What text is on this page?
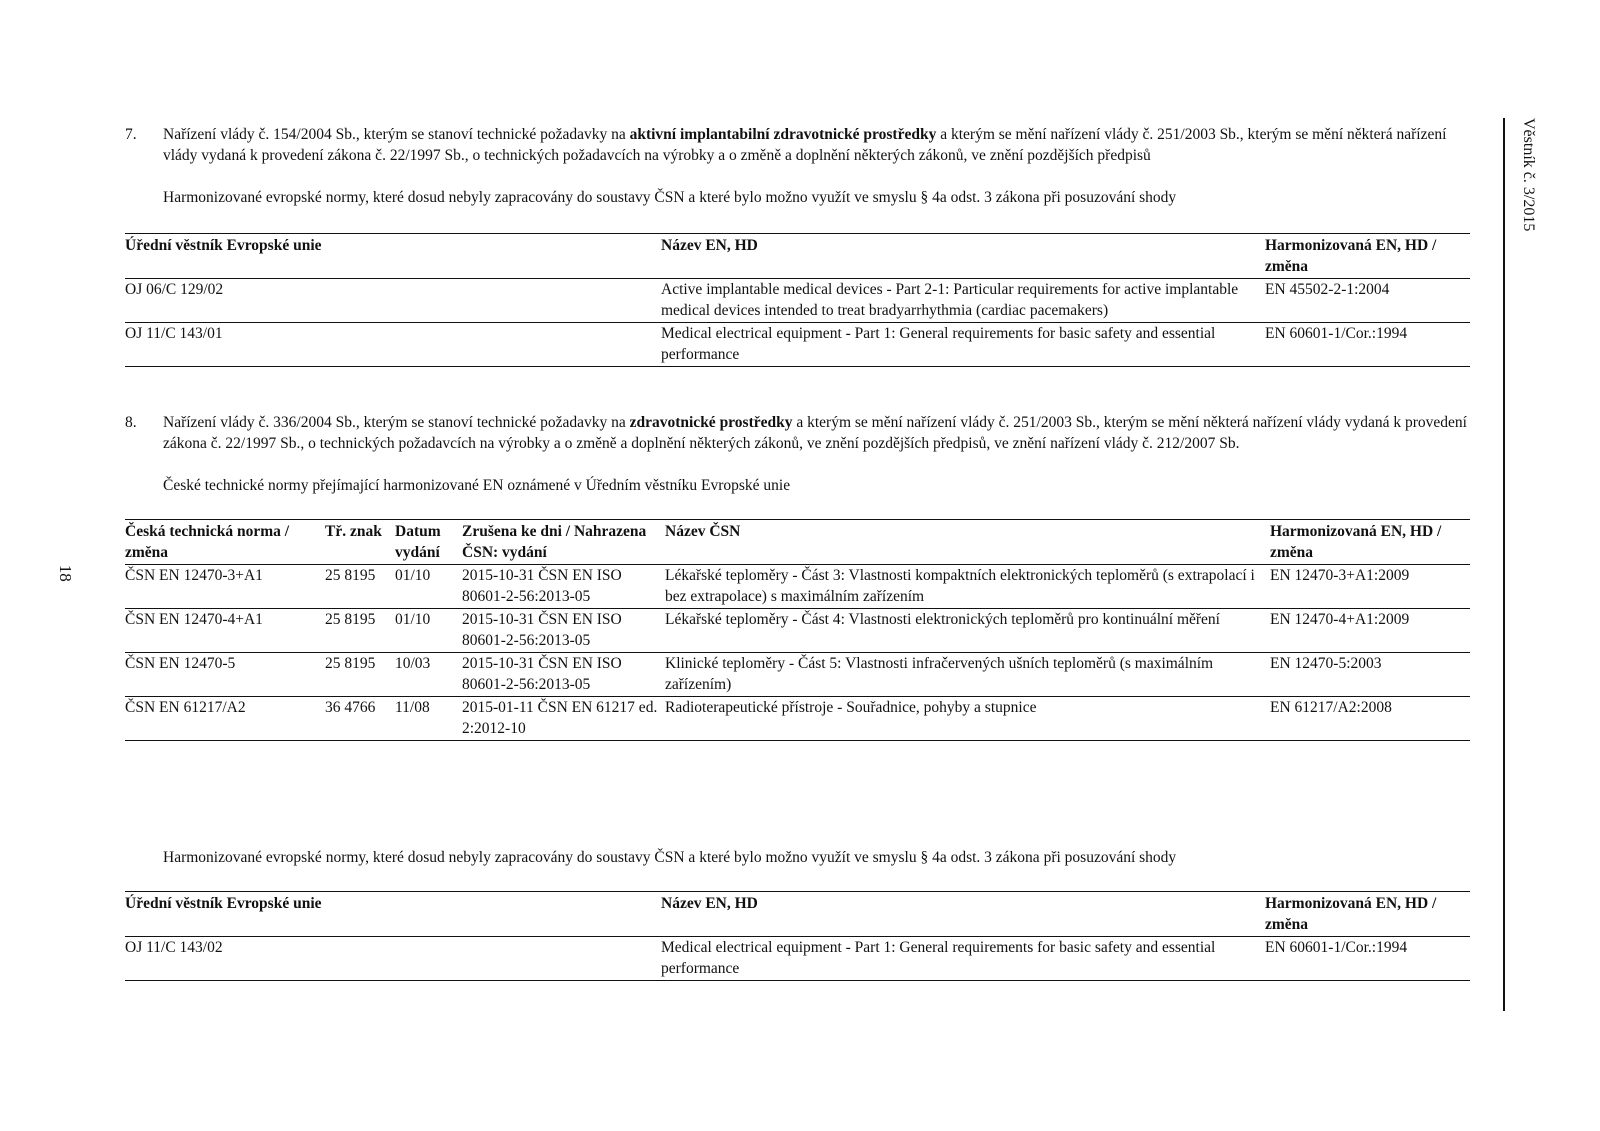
Věstník č. 3/2015
18
7. Nařízení vlády č. 154/2004 Sb., kterým se stanoví technické požadavky na aktivní implantabilní zdravotnické prostředky a kterým se mění nařízení vlády č. 251/2003 Sb., kterým se mění některá nařízení vlády vydaná k provedení zákona č. 22/1997 Sb., o technických požadavcích na výrobky a o změně a doplnění některých zákonů, ve znění pozdějších předpisů
Harmonizované evropské normy, které dosud nebyly zapracovány do soustavy ČSN a které bylo možno využít ve smyslu § 4a odst. 3 zákona při posuzování shody
Úřední věstník Evropské unie	Název EN, HD	Harmonizovaná EN, HD / změna
OJ 06/C 129/02	Active implantable medical devices - Part 2-1: Particular requirements for active implantable medical devices intended to treat bradyarrhythmia (cardiac pacemakers)	EN 45502-2-1:2004
OJ 11/C 143/01	Medical electrical equipment - Part 1: General requirements for basic safety and essential performance	EN 60601-1/Cor.:1994
8. Nařízení vlády č. 336/2004 Sb., kterým se stanoví technické požadavky na zdravotnické prostředky a kterým se mění nařízení vlády č. 251/2003 Sb., kterým se mění některá nařízení vlády vydaná k provedení zákona č. 22/1997 Sb., o technických požadavcích na výrobky a o změně a doplnění některých zákonů, ve znění pozdějších předpisů, ve znění nařízení vlády č. 212/2007 Sb.
České technické normy přejímající harmonizované EN oznámené v Úředním věstníku Evropské unie
Česká technická norma / změna	Tř. znak	Datum vydání	Zrušena ke dni / Nahrazena ČSN: vydání	Název ČSN	Harmonizovaná EN, HD / změna
ČSN EN 12470-3+A1	25 8195	01/10	2015-10-31 ČSN EN ISO 80601-2-56:2013-05	Lékařské teploměry - Část 3: Vlastnosti kompaktních elektronických teploměrů (s extrapolací i bez extrapolace) s maximálním zařízením	EN 12470-3+A1:2009
ČSN EN 12470-4+A1	25 8195	01/10	2015-10-31 ČSN EN ISO 80601-2-56:2013-05	Lékařské teploměry - Část 4: Vlastnosti elektronických teploměrů pro kontinuální měření	EN 12470-4+A1:2009
ČSN EN 12470-5	25 8195	10/03	2015-10-31 ČSN EN ISO 80601-2-56:2013-05	Klinické teploměry - Část 5: Vlastnosti infračervených ušních teploměrů (s maximálním zařízením)	EN 12470-5:2003
ČSN EN 61217/A2	36 4766	11/08	2015-01-11 ČSN EN 61217 ed. 2:2012-10	Radioterapeutické přístroje - Souřadnice, pohyby a stupnice	EN 61217/A2:2008
Harmonizované evropské normy, které dosud nebyly zapracovány do soustavy ČSN a které bylo možno využít ve smyslu § 4a odst. 3 zákona při posuzování shody
Úřední věstník Evropské unie	Název EN, HD	Harmonizovaná EN, HD / změna
OJ 11/C 143/02	Medical electrical equipment - Part 1: General requirements for basic safety and essential performance	EN 60601-1/Cor.:1994
